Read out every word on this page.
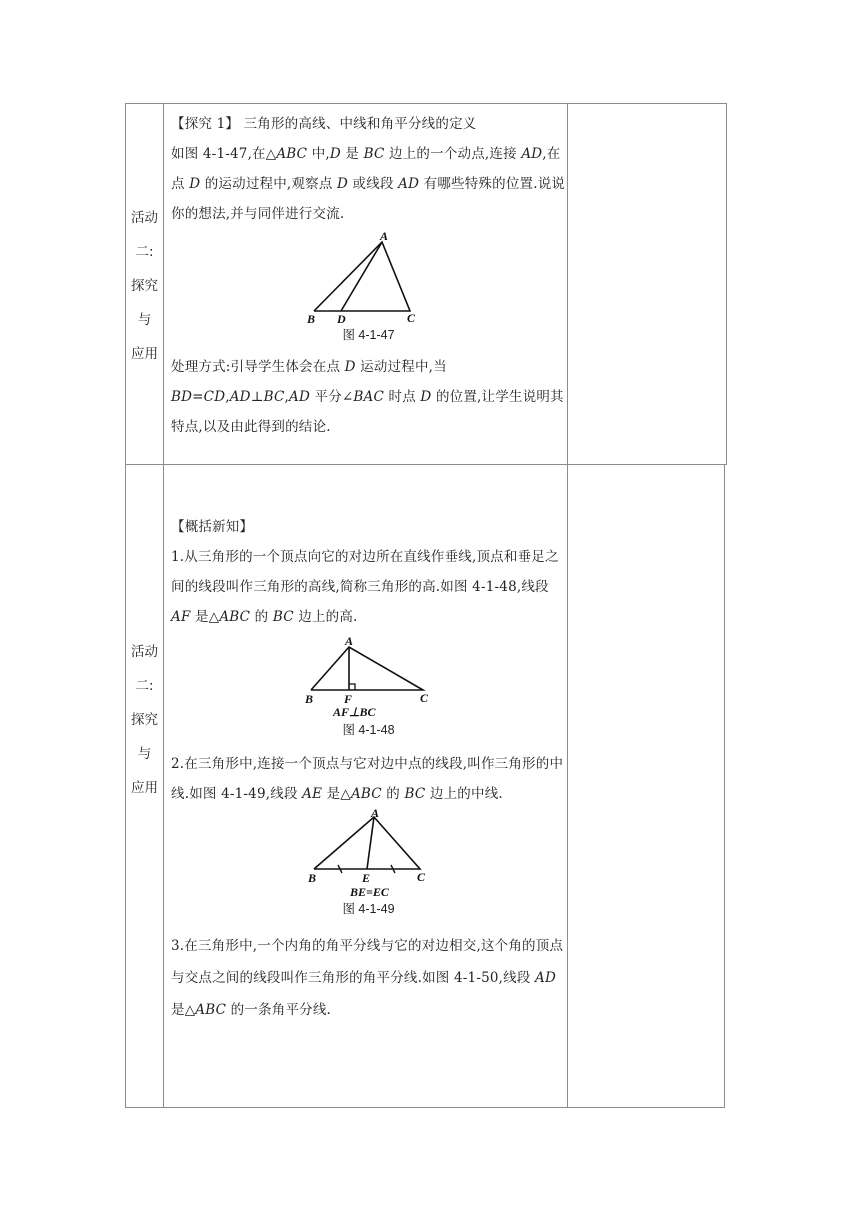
活动
二:
探究
与
应用

【探究 1】 三角形的高线、中线和角平分线的定义

如图 4-1-47,在△ABC 中,D 是 BC 边上的一个动点,连接 AD,在点 D 的运动过程中,观察点 D 或线段 AD 有哪些特殊的位置.说说你的想法,并与同伴进行交流.

A
B D	C
图 4-1-47

处理方式:引导学生体会在点 D 运动过程中,当 BD=CD,AD⊥BC,AD 平分∠BAC 时点 D 的位置,让学生说明其特点,以及由此得到的结论.

活动
二:
探究
与
应用

【概括新知】

1.从三角形的一个顶点向它的对边所在直线作垂线,顶点和垂足之间的线段叫作三角形的高线,简称三角形的高.如图 4-1-48,线段 AF 是△ABC 的 BC 边上的高.

A
B	F	C
AF⊥BC
图 4-1-48

2.在三角形中,连接一个顶点与它对边中点的线段,叫作三角形的中线.如图 4-1-49,线段 AE 是△ABC 的 BC 边上的中线.

A
B	E	C
BE=EC
图 4-1-49

3.在三角形中,一个内角的角平分线与它的对边相交,这个角的顶点与交点之间的线段叫作三角形的角平分线.如图 4-1-50,线段 AD 是△ABC 的一条角平分线.
